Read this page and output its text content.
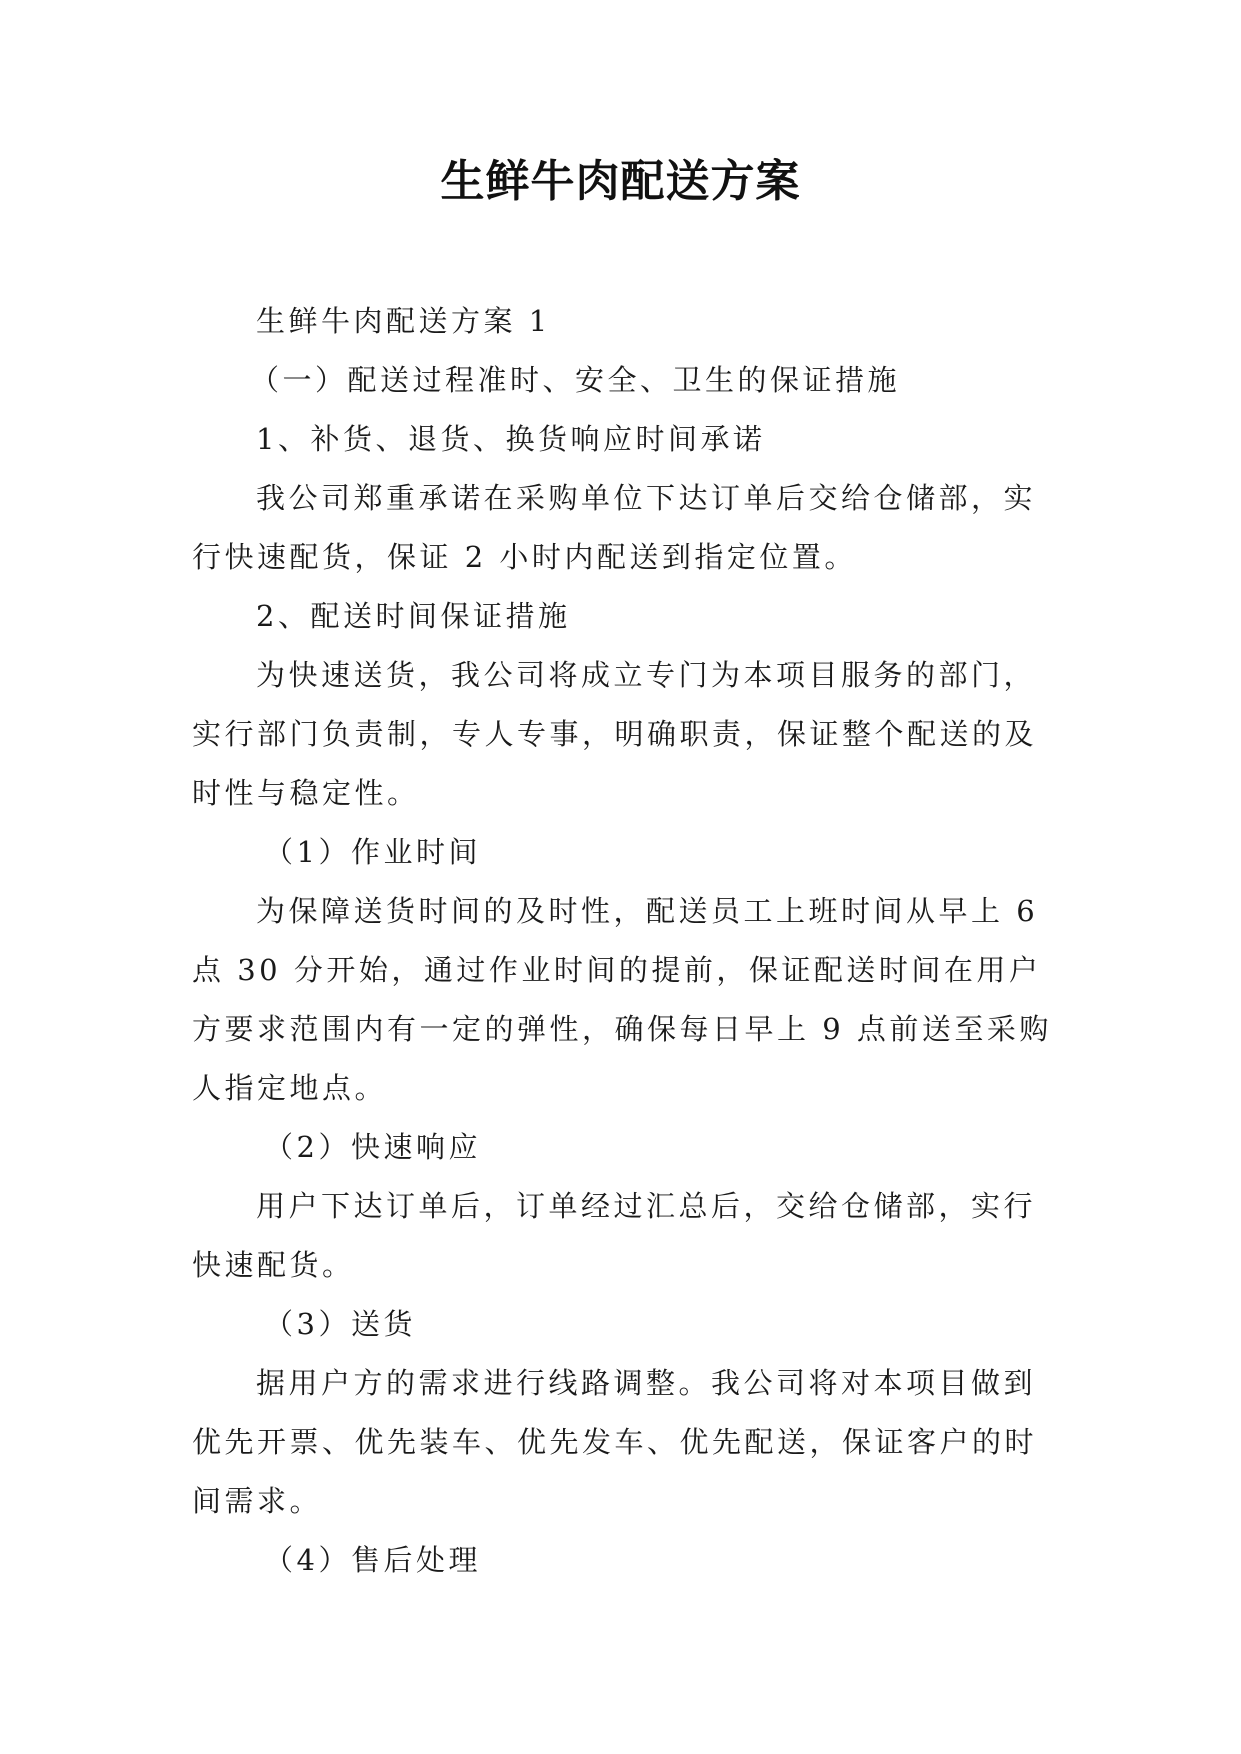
生鲜牛肉配送方案

生鲜牛肉配送方案 1

（一）配送过程准时、安全、卫生的保证措施

1、补货、退货、换货响应时间承诺

我公司郑重承诺在采购单位下达订单后交给仓储部，实

行快速配货，保证 2 小时内配送到指定位置。

2、配送时间保证措施

为快速送货，我公司将成立专门为本项目服务的部门，

实行部门负责制，专人专事，明确职责，保证整个配送的及

时性与稳定性。

（1）作业时间

为保障送货时间的及时性，配送员工上班时间从早上 6

点 30 分开始，通过作业时间的提前，保证配送时间在用户

方要求范围内有一定的弹性，确保每日早上 9 点前送至采购

人指定地点。

（2）快速响应

用户下达订单后，订单经过汇总后，交给仓储部，实行

快速配货。

（3）送货

据用户方的需求进行线路调整。我公司将对本项目做到

优先开票、优先装车、优先发车、优先配送，保证客户的时

间需求。

（4）售后处理
